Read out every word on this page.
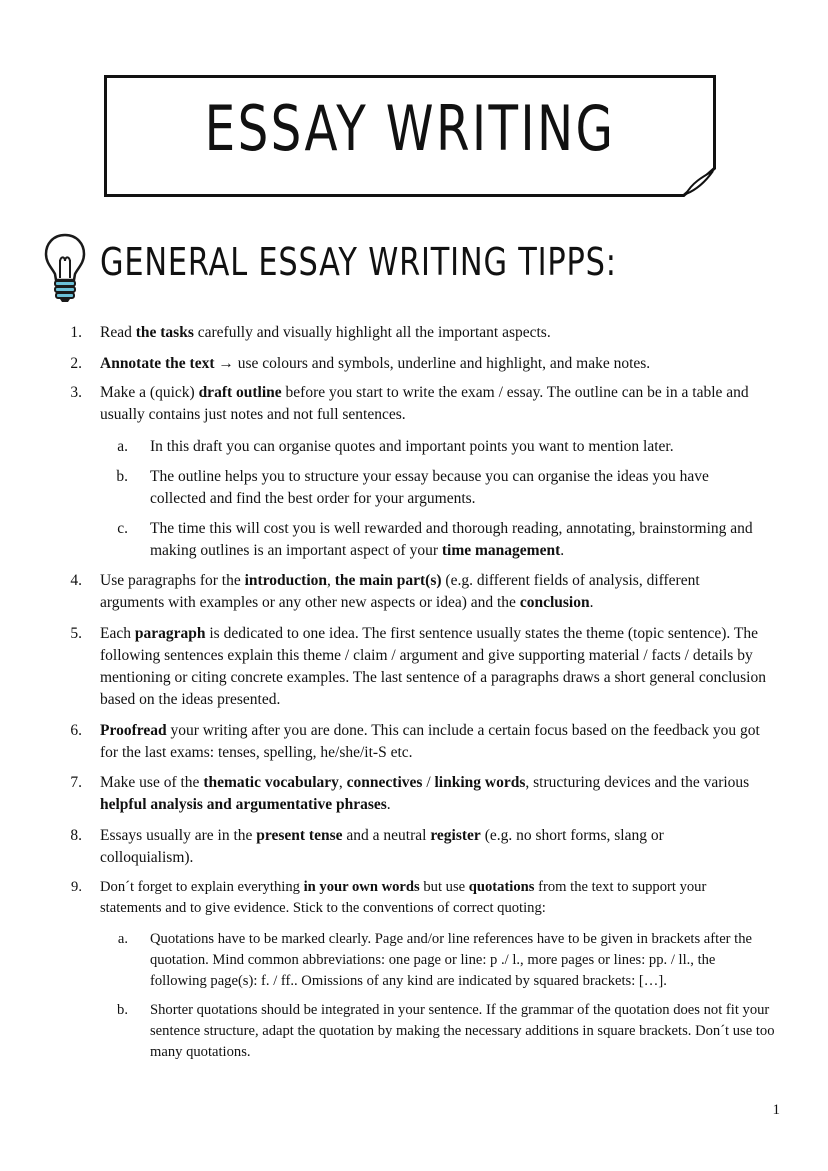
ESSAY WRITING
GENERAL ESSAY WRITING TIPPS:
1. Read the tasks carefully and visually highlight all the important aspects.
2. Annotate the text → use colours and symbols, underline and highlight, and make notes.
3. Make a (quick) draft outline before you start to write the exam / essay. The outline can be in a table and usually contains just notes and not full sentences.
a. In this draft you can organise quotes and important points you want to mention later.
b. The outline helps you to structure your essay because you can organise the ideas you have collected and find the best order for your arguments.
c. The time this will cost you is well rewarded and thorough reading, annotating, brainstorming and making outlines is an important aspect of your time management.
4. Use paragraphs for the introduction, the main part(s) (e.g. different fields of analysis, different arguments with examples or any other new aspects or idea) and the conclusion.
5. Each paragraph is dedicated to one idea. The first sentence usually states the theme (topic sentence). The following sentences explain this theme / claim / argument and give supporting material / facts / details by mentioning or citing concrete examples. The last sentence of a paragraphs draws a short general conclusion based on the ideas presented.
6. Proofread your writing after you are done. This can include a certain focus based on the feedback you got for the last exams: tenses, spelling, he/she/it-S etc.
7. Make use of the thematic vocabulary, connectives / linking words, structuring devices and the various helpful analysis and argumentative phrases.
8. Essays usually are in the present tense and a neutral register (e.g. no short forms, slang or colloquialism).
9. Don´t forget to explain everything in your own words but use quotations from the text to support your statements and to give evidence. Stick to the conventions of correct quoting:
a. Quotations have to be marked clearly. Page and/or line references have to be given in brackets after the quotation. Mind common abbreviations: one page or line: p ./ l., more pages or lines: pp. / ll., the following page(s): f. / ff.. Omissions of any kind are indicated by squared brackets: […].
b. Shorter quotations should be integrated in your sentence. If the grammar of the quotation does not fit your sentence structure, adapt the quotation by making the necessary additions in square brackets. Don´t use too many quotations.
1
